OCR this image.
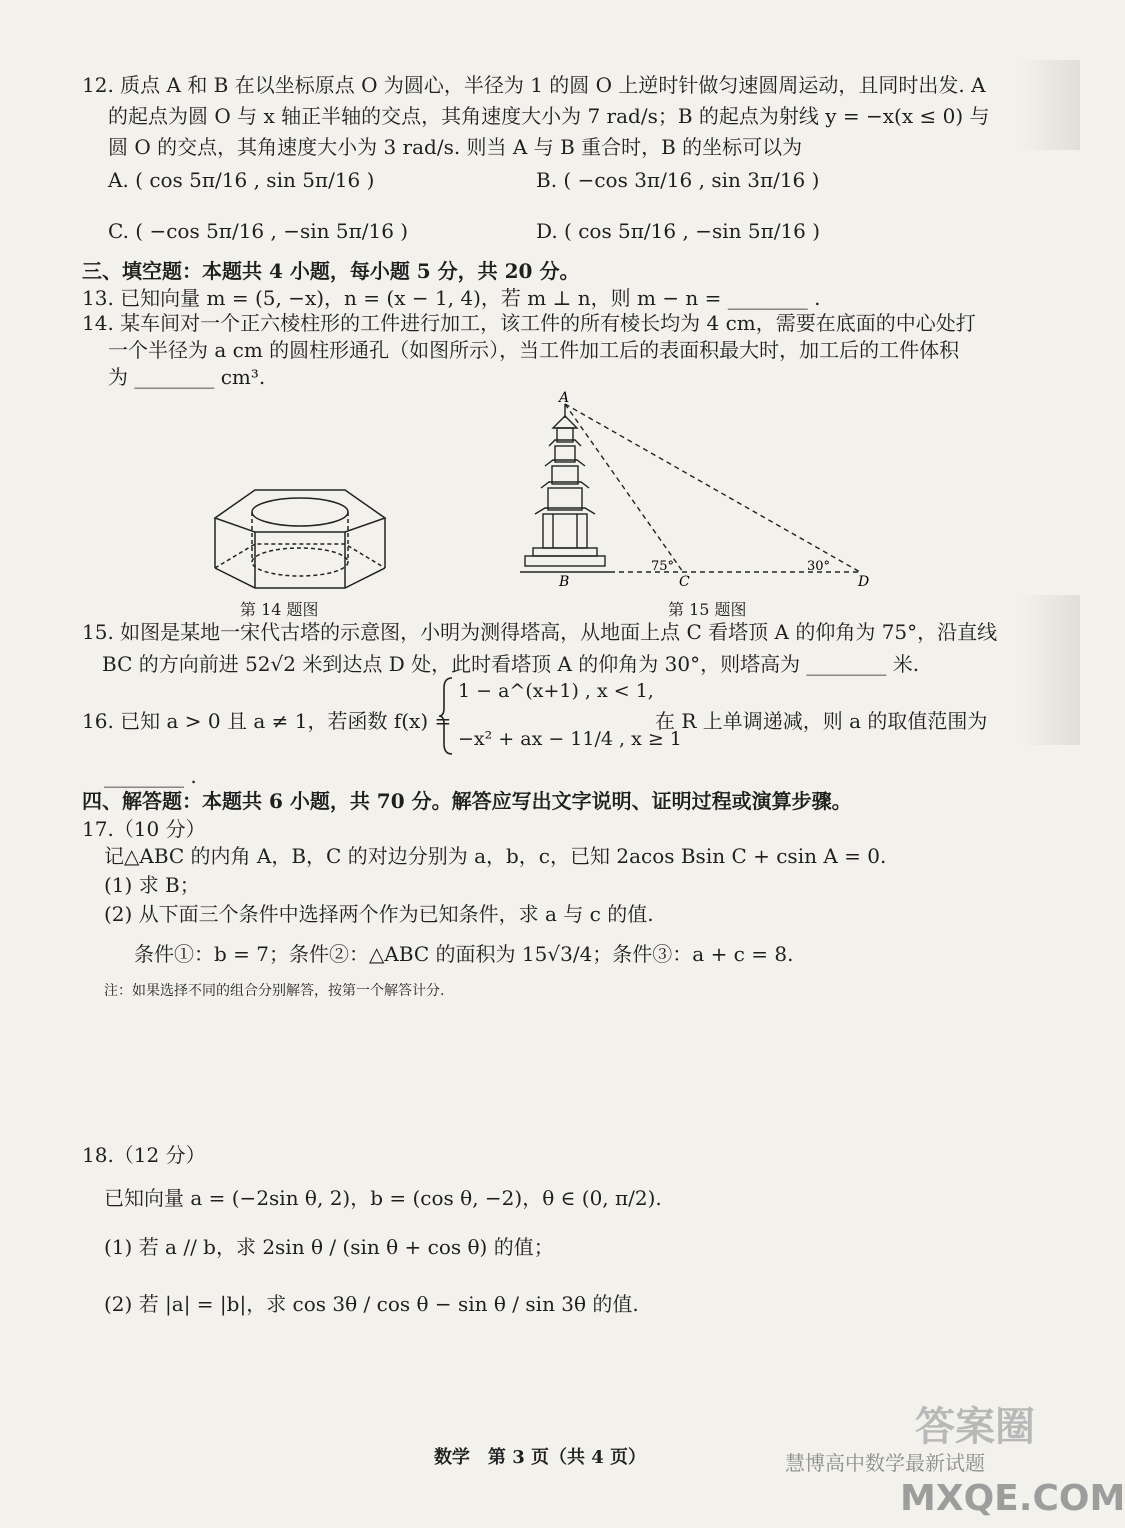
12. 质点 A 和 B 在以坐标原点 O 为圆心，半径为 1 的圆 O 上逆时针做匀速圆周运动，且同时出发. A
的起点为圆 O 与 x 轴正半轴的交点，其角速度大小为 7 rad/s；B 的起点为射线 y = −x(x ≤ 0) 与
圆 O 的交点，其角速度大小为 3 rad/s. 则当 A 与 B 重合时，B 的坐标可以为
A. ( cos 5π/16 , sin 5π/16 )	B. ( −cos 3π/16 , sin 3π/16 )
C. ( −cos 5π/16 , −sin 5π/16 )	D. ( cos 5π/16 , −sin 5π/16 )
三、填空题：本题共 4 小题，每小题 5 分，共 20 分。
13. 已知向量 m = (5, −x)，n = (x − 1, 4)，若 m ⊥ n，则 m − n = ________ .
14. 某车间对一个正六棱柱形的工件进行加工，该工件的所有棱长均为 4 cm，需要在底面的中心处打
一个半径为 a cm 的圆柱形通孔（如图所示），当工件加工后的表面积最大时，加工后的工件体积
为 ________ cm³.
第 14 题图
A
B	C	D
75°	30°
第 15 题图
15. 如图是某地一宋代古塔的示意图，小明为测得塔高，从地面上点 C 看塔顶 A 的仰角为 75°，沿直线
BC 的方向前进 52√2 米到达点 D 处，此时看塔顶 A 的仰角为 30°，则塔高为 ________ 米.
16. 已知 a > 0 且 a ≠ 1，若函数 f(x) =
1 − a^(x+1) , x < 1,
−x² + ax − 11/4 , x ≥ 1
在 R 上单调递减，则 a 的取值范围为
________ .
四、解答题：本题共 6 小题，共 70 分。解答应写出文字说明、证明过程或演算步骤。
17.（10 分）
记△ABC 的内角 A，B，C 的对边分别为 a，b，c，已知 2acos Bsin C + csin A = 0.
(1) 求 B；
(2) 从下面三个条件中选择两个作为已知条件，求 a 与 c 的值.
条件①：b = 7；条件②：△ABC 的面积为 15√3/4；条件③：a + c = 8.
注：如果选择不同的组合分别解答，按第一个解答计分.
18.（12 分）
已知向量 a = (−2sin θ, 2)，b = (cos θ, −2)，θ ∈ (0, π/2).
(1) 若 a // b，求 2sin θ / (sin θ + cos θ) 的值；
(2) 若 |a| = |b|，求 cos 3θ / cos θ − sin θ / sin 3θ 的值.
数学　第 3 页（共 4 页）	慧博高中数学最新试题
答案圈
MXQE.COM
